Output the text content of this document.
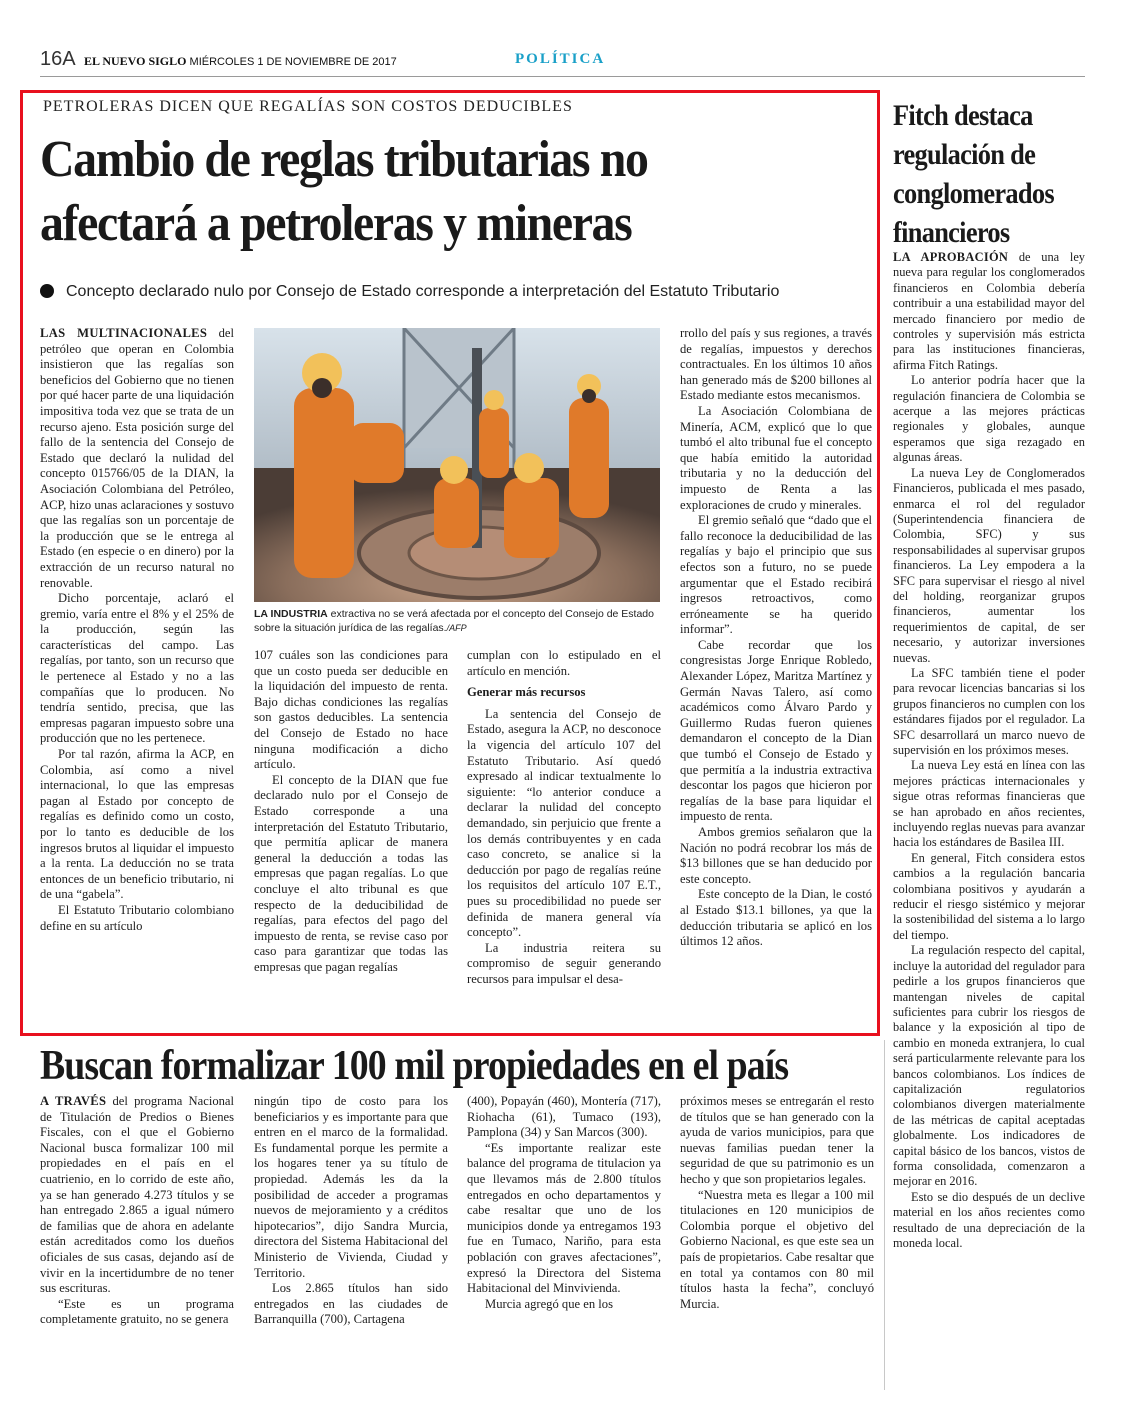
16A EL NUEVO SIGLO MIÉRCOLES 1 DE NOVIEMBRE DE 2017	POLÍTICA
PETROLERAS DICEN QUE REGALÍAS SON COSTOS DEDUCIBLES
Cambio de reglas tributarias no afectará a petroleras y mineras
Concepto declarado nulo por Consejo de Estado corresponde a interpretación del Estatuto Tributario

LAS MULTINACIONALES del petróleo que operan en Colombia insistieron que las regalías son beneficios del Gobierno que no tienen por qué hacer parte de una liquidación impositiva toda vez que se trata de un recurso ajeno. Esta posición surge del fallo de la sentencia del Consejo de Estado que declaró la nulidad del concepto 015766/05 de la DIAN, la Asociación Colombiana del Petróleo, ACP, hizo unas aclaraciones y sostuvo que las regalías son un porcentaje de la producción que se le entrega al Estado (en especie o en dinero) por la extracción de un recurso natural no renovable.

Dicho porcentaje, aclaró el gremio, varía entre el 8% y el 25% de la producción, según las características del campo. Las regalías, por tanto, son un recurso que le pertenece al Estado y no a las compañías que lo producen. No tendría sentido, precisa, que las empresas pagaran impuesto sobre una producción que no les pertenece.

Por tal razón, afirma la ACP, en Colombia, así como a nivel internacional, lo que las empresas pagan al Estado por concepto de regalías es definido como un costo, por lo tanto es deducible de los ingresos brutos al liquidar el impuesto a la renta. La deducción no se trata entonces de un beneficio tributario, ni de una “gabela”.

El Estatuto Tributario colombiano define en su artículo

LA INDUSTRIA extractiva no se verá afectada por el concepto del Consejo de Estado sobre la situación jurídica de las regalías./AFP

107 cuáles son las condiciones para que un costo pueda ser deducible en la liquidación del impuesto de renta. Bajo dichas condiciones las regalías son gastos deducibles. La sentencia del Consejo de Estado no hace ninguna modificación a dicho artículo.

El concepto de la DIAN que fue declarado nulo por el Consejo de Estado corresponde a una interpretación del Estatuto Tributario, que permitía aplicar de manera general la deducción a todas las empresas que pagan regalías. Lo que concluye el alto tribunal es que respecto de la deducibilidad de regalías, para efectos del pago del impuesto de renta, se revise caso por caso para garantizar que todas las empresas que pagan regalías

cumplan con lo estipulado en el artículo en mención.

Generar más recursos

La sentencia del Consejo de Estado, asegura la ACP, no desconoce la vigencia del artículo 107 del Estatuto Tributario. Así quedó expresado al indicar textualmente lo siguiente: “lo anterior conduce a declarar la nulidad del concepto demandado, sin perjuicio que frente a los demás contribuyentes y en cada caso concreto, se analice si la deducción por pago de regalías reúne los requisitos del artículo 107 E.T., pues su procedibilidad no puede ser definida de manera general vía concepto”.

La industria reitera su compromiso de seguir generando recursos para impulsar el desa-

rrollo del país y sus regiones, a través de regalías, impuestos y derechos contractuales. En los últimos 10 años han generado más de $200 billones al Estado mediante estos mecanismos.

La Asociación Colombiana de Minería, ACM, explicó que lo que tumbó el alto tribunal fue el concepto que había emitido la autoridad tributaria y no la deducción del impuesto de Renta a las exploraciones de crudo y minerales.

El gremio señaló que “dado que el fallo reconoce la deducibilidad de las regalías y bajo el principio que sus efectos son a futuro, no se puede argumentar que el Estado recibirá ingresos retroactivos, como erróneamente se ha querido informar”.

Cabe recordar que los congresistas Jorge Enrique Robledo, Alexander López, Maritza Martínez y Germán Navas Talero, así como académicos como Álvaro Pardo y Guillermo Rudas fueron quienes demandaron el concepto de la Dian que tumbó el Consejo de Estado y que permitía a la industria extractiva descontar los pagos que hicieron por regalías de la base para liquidar el impuesto de renta.

Ambos gremios señalaron que la Nación no podrá recobrar los más de $13 billones que se han deducido por este concepto.

Este concepto de la Dian, le costó al Estado $13.1 billones, ya que la deducción tributaria se aplicó en los últimos 12 años.

Fitch destaca regulación de conglomerados financieros

LA APROBACIÓN de una ley nueva para regular los conglomerados financieros en Colombia debería contribuir a una estabilidad mayor del mercado financiero por medio de controles y supervisión más estricta para las instituciones financieras, afirma Fitch Ratings.

Lo anterior podría hacer que la regulación financiera de Colombia se acerque a las mejores prácticas regionales y globales, aunque esperamos que siga rezagado en algunas áreas.

La nueva Ley de Conglomerados Financieros, publicada el mes pasado, enmarca el rol del regulador (Superintendencia financiera de Colombia, SFC) y sus responsabilidades al supervisar grupos financieros. La Ley empodera a la SFC para supervisar el riesgo al nivel del holding, reorganizar grupos financieros, aumentar los requerimientos de capital, de ser necesario, y autorizar inversiones nuevas.

La SFC también tiene el poder para revocar licencias bancarias si los grupos financieros no cumplen con los estándares fijados por el regulador. La SFC desarrollará un marco nuevo de supervisión en los próximos meses.

La nueva Ley está en línea con las mejores prácticas internacionales y sigue otras reformas financieras que se han aprobado en años recientes, incluyendo reglas nuevas para avanzar hacia los estándares de Basilea III.

En general, Fitch considera estos cambios a la regulación bancaria colombiana positivos y ayudarán a reducir el riesgo sistémico y mejorar la sostenibilidad del sistema a lo largo del tiempo.

La regulación respecto del capital, incluye la autoridad del regulador para pedirle a los grupos financieros que mantengan niveles de capital suficientes para cubrir los riesgos de balance y la exposición al tipo de cambio en moneda extranjera, lo cual será particularmente relevante para los bancos colombianos. Los índices de capitalización regulatorios colombianos divergen materialmente de las métricas de capital aceptadas globalmente. Los indicadores de capital básico de los bancos, vistos de forma consolidada, comenzaron a mejorar en 2016.

Esto se dio después de un declive material en los años recientes como resultado de una depreciación de la moneda local.

Buscan formalizar 100 mil propiedades en el país

A TRAVÉS del programa Nacional de Titulación de Predios o Bienes Fiscales, con el que el Gobierno Nacional busca formalizar 100 mil propiedades en el país en el cuatrienio, en lo corrido de este año, ya se han generado 4.273 títulos y se han entregado 2.865 a igual número de familias que de ahora en adelante están acreditados como los dueños oficiales de sus casas, dejando así de vivir en la incertidumbre de no tener sus escrituras.

“Este es un programa completamente gratuito, no se genera

ningún tipo de costo para los beneficiarios y es importante para que entren en el marco de la formalidad. Es fundamental porque les permite a los hogares tener ya su título de propiedad. Además les da la posibilidad de acceder a programas nuevos de mejoramiento y a créditos hipotecarios”, dijo Sandra Murcia, directora del Sistema Habitacional del Ministerio de Vivienda, Ciudad y Territorio.

Los 2.865 títulos han sido entregados en las ciudades de Barranquilla (700), Cartagena

(400), Popayán (460), Montería (717), Riohacha (61), Tumaco (193), Pamplona (34) y San Marcos (300).

“Es importante realizar este balance del programa de titulacion ya que llevamos más de 2.800 títulos entregados en ocho departamentos y cabe resaltar que uno de los municipios donde ya entregamos 193 fue en Tumaco, Nariño, para esta población con graves afectaciones”, expresó la Directora del Sistema Habitacional del Minvivienda.

Murcia agregó que en los

próximos meses se entregarán el resto de títulos que se han generado con la ayuda de varios municipios, para que nuevas familias puedan tener la seguridad de que su patrimonio es un hecho y que son propietarios legales.

“Nuestra meta es llegar a 100 mil titulaciones en 120 municipios de Colombia porque el objetivo del Gobierno Nacional, es que este sea un país de propietarios. Cabe resaltar que en total ya contamos con 80 mil títulos hasta la fecha”, concluyó Murcia.
